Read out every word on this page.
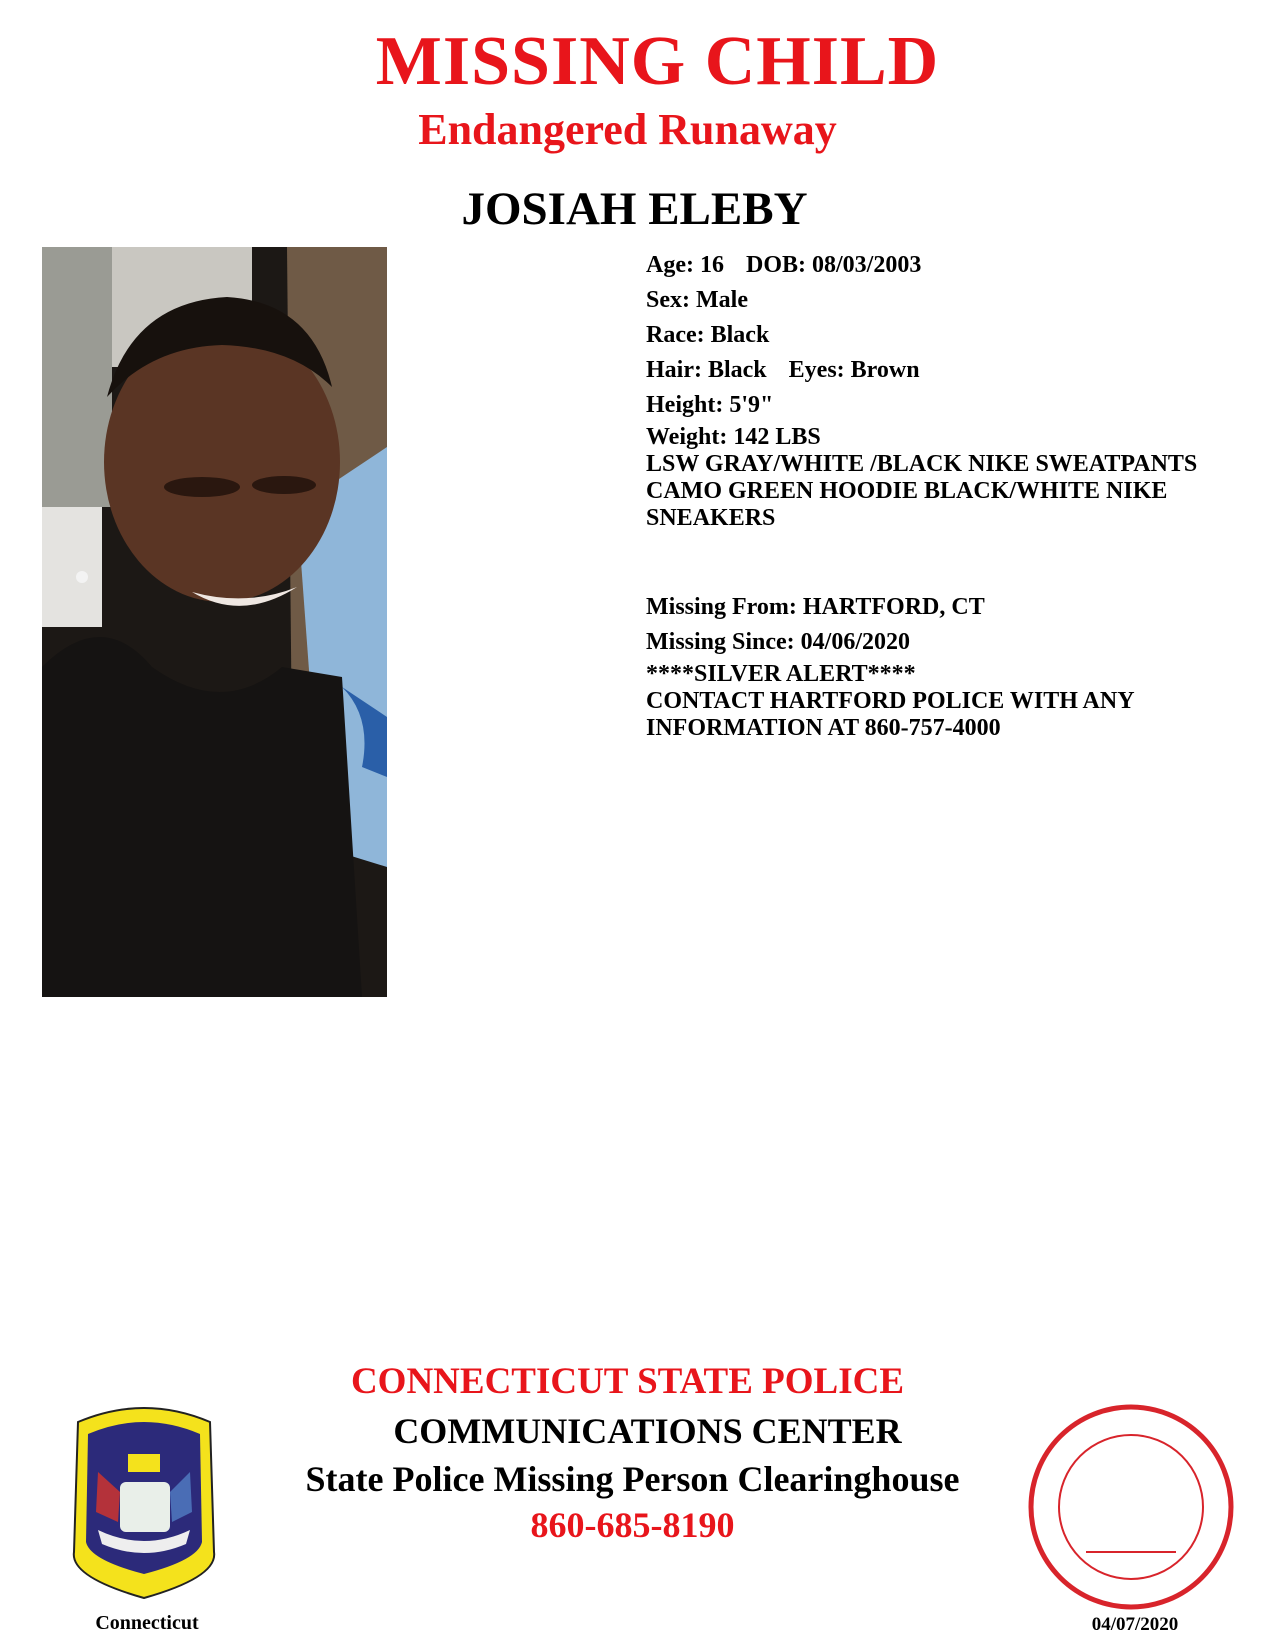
MISSING CHILD
Endangered Runaway
JOSIAH ELEBY
Age: 16 DOB: 08/03/2003
Sex: Male
Race: Black
Hair: Black Eyes: Brown
Height: 5'9"
Weight: 142 LBS
LSW GRAY/WHITE /BLACK NIKE SWEATPANTS
CAMO GREEN HOODIE BLACK/WHITE NIKE
SNEAKERS
Missing From: HARTFORD, CT
Missing Since: 04/06/2020
****SILVER ALERT****
CONTACT HARTFORD POLICE WITH ANY
INFORMATION AT 860-757-4000
CONNECTICUT STATE POLICE
COMMUNICATIONS CENTER
State Police Missing Person Clearinghouse
860-685-8190
Connecticut	04/07/2020
